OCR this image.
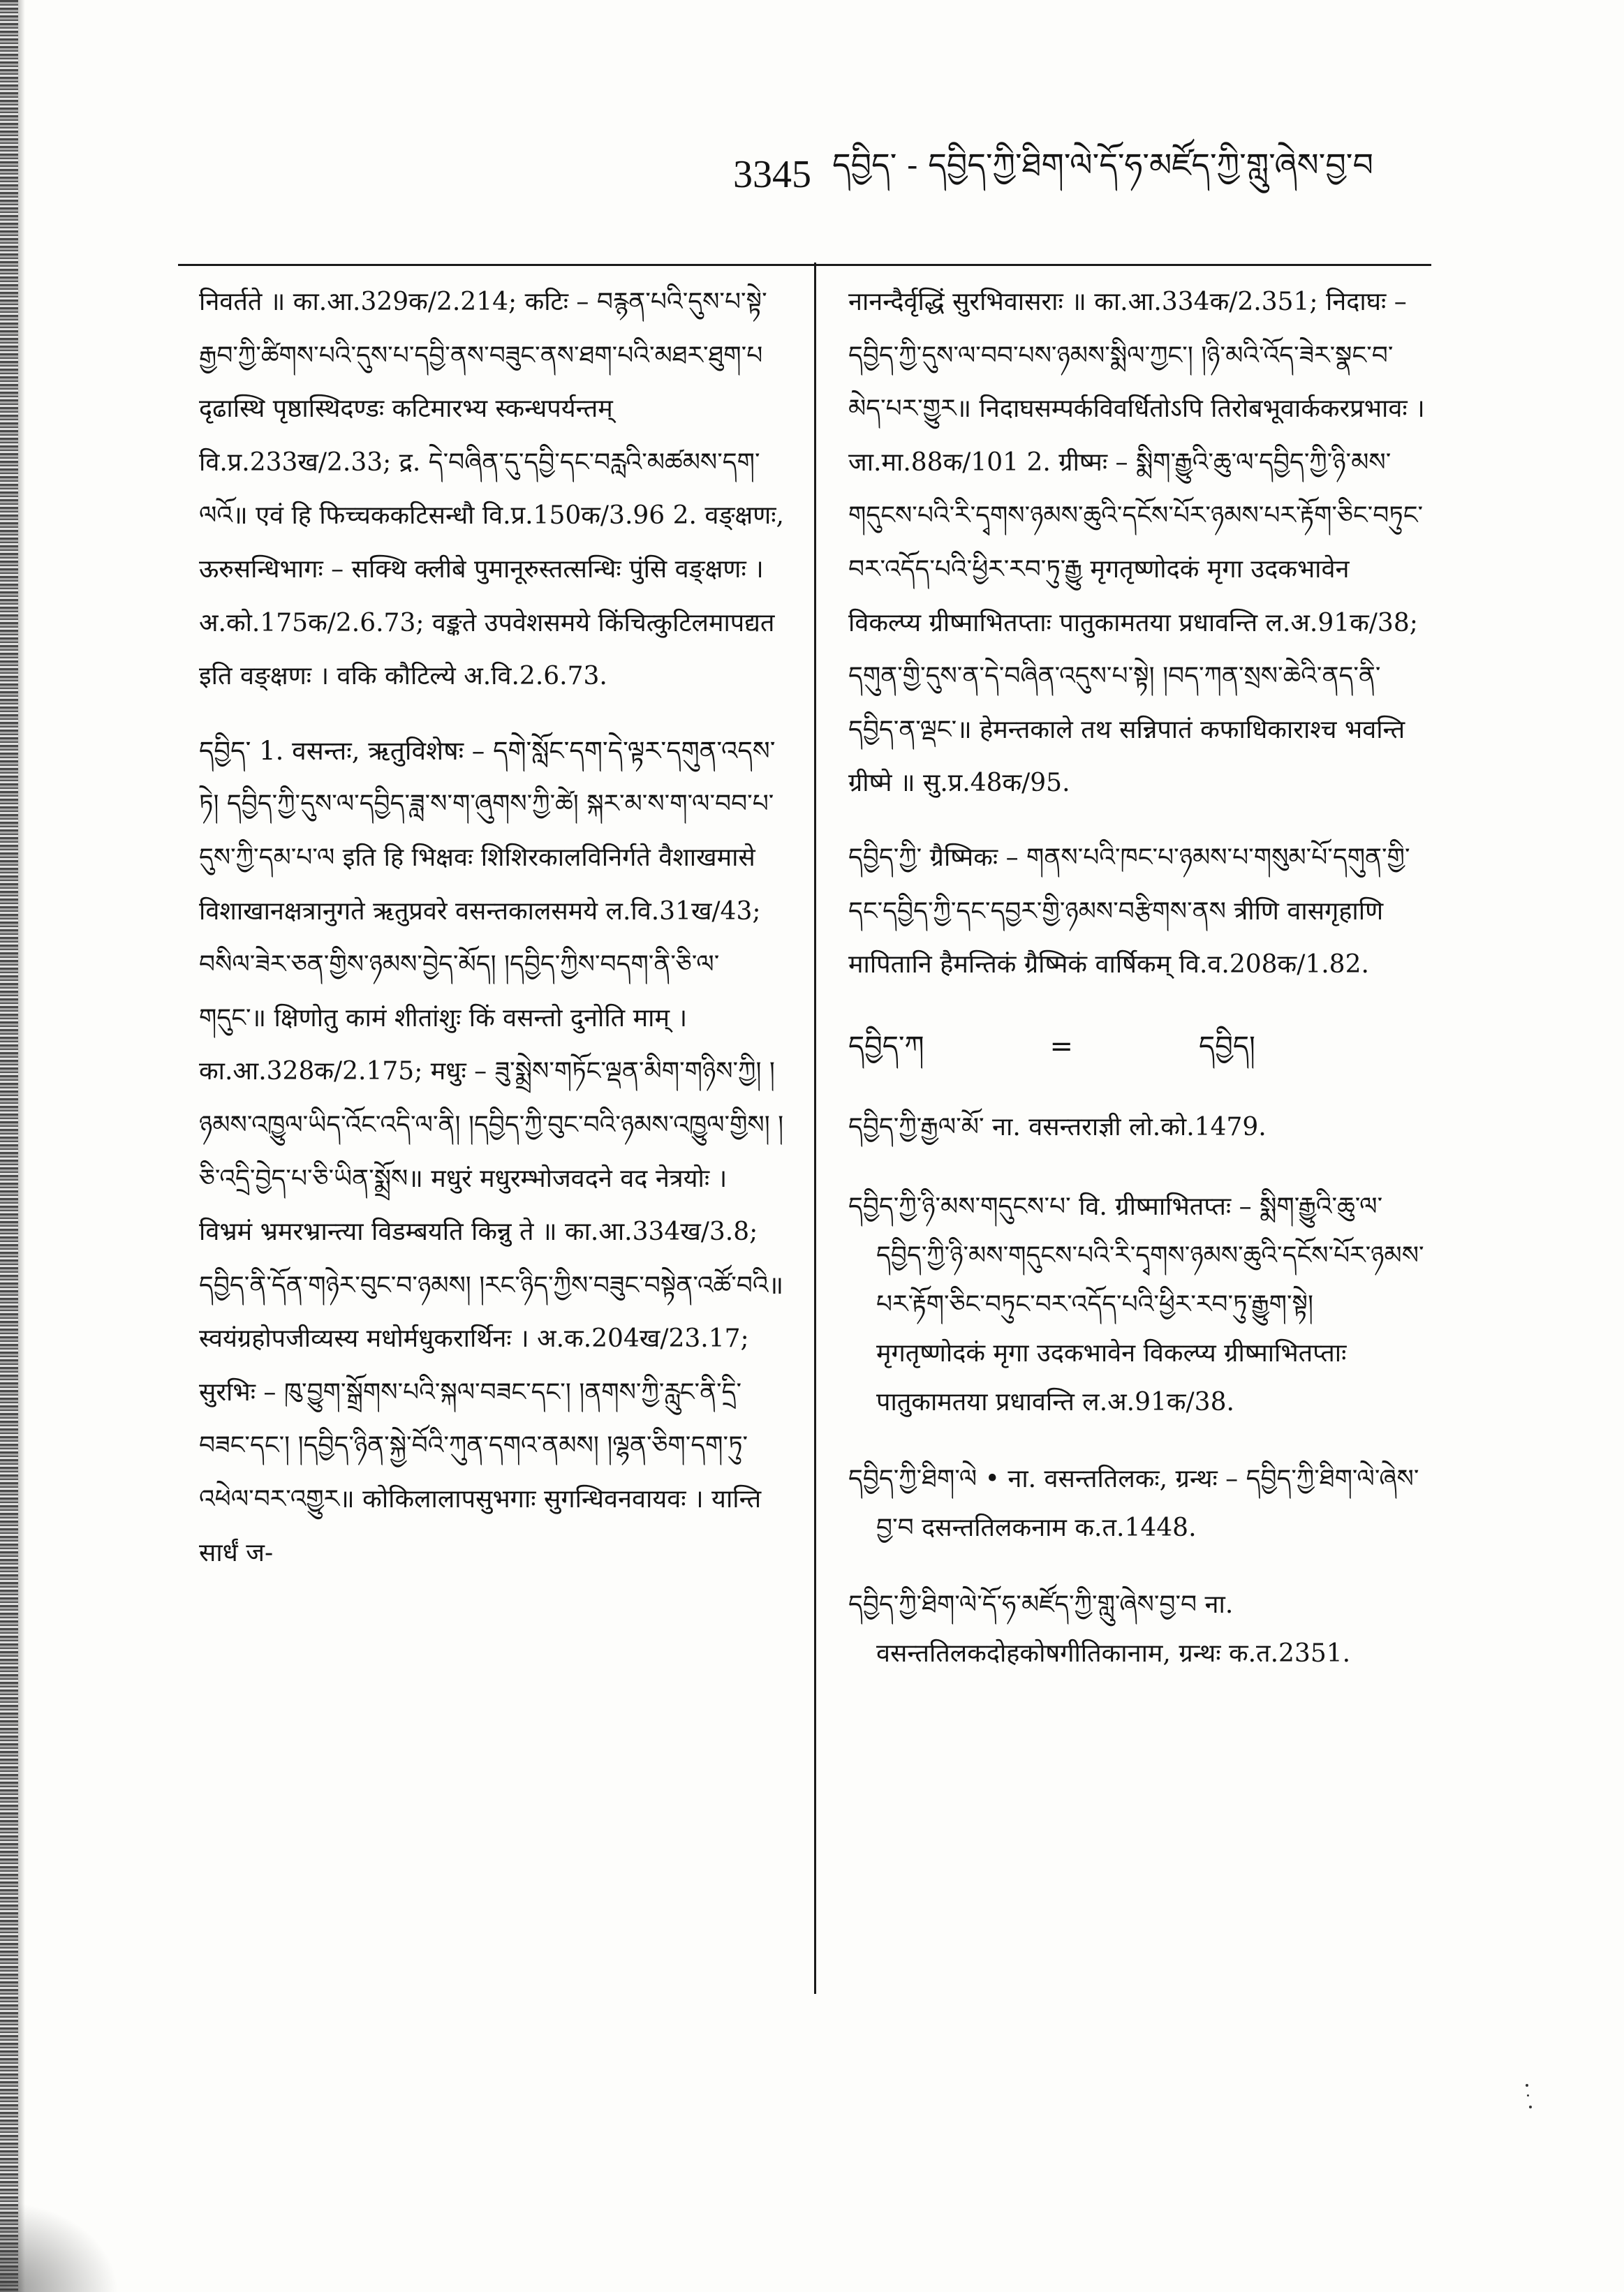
3345 དབྱིད་ - དབྱིད་ཀྱི་ཐིག་ལེ་དོ་ཧ་མཛོད་ཀྱི་གླུ་ཞེས་བྱ་བ

निवर्तते ॥ का.आ.329क/2.214; कटिः – བརྙན་པའི་དུས་པ་སྟེ་རྒྱབ་ཀྱི་ཚིགས་པའི་དུས་པ་དབྱི་ནས་བཟུང་ནས་ཐག་པའི་མཐར་ཐུག་པ दृढास्थि पृष्ठास्थिदण्डः कटिमारभ्य स्कन्धपर्यन्तम् वि.प्र.233ख/2.33; द्र. དེ་བཞིན་དུ་དབྱི་དང་བརླའི་མཚམས་དག་ལའོ॥ एवं हि फिच्चककटिसन्धौ वि.प्र.150क/3.96 2. वङ्क्षणः, ऊरुसन्धिभागः – सक्थि क्लीबे पुमानूरुस्तत्सन्धिः पुंसि वङ्क्षणः । अ.को.175क/2.6.73; वङ्कते उपवेशसमये किंचित्कुटिलमापद्यत इति वङ्क्षणः । वकि कौटिल्ये अ.वि.2.6.73.

དབྱིད་ 1. वसन्तः, ऋतुविशेषः – དགེ་སློང་དག་དེ་ལྟར་དགུན་འདས་ཏེ། དབྱིད་ཀྱི་དུས་ལ་དབྱིད་ཟླ་ས་ག་ཞུགས་ཀྱི་ཚེ། སྐར་མ་ས་ག་ལ་བབ་པ་དུས་ཀྱི་དམ་པ་ལ इति हि भिक्षवः शिशिरकालविनिर्गते वैशाखमासे विशाखानक्षत्रानुगते ऋतुप्रवरे वसन्तकालसमये ल.वि.31ख/43; བསིལ་ཟེར་ཅན་གྱིས་ཉམས་བྱེད་མོད། །དབྱིད་ཀྱིས་བདག་ནི་ཅི་ལ་གདུང་॥ क्षिणोतु कामं शीतांशुः किं वसन्तो दुनोति माम् । का.आ.328क/2.175; मधुः – ཟུ་སྨྲེས་གཏོང་ལྡན་མིག་གཉིས་ཀྱི། །ཉམས་འཁྱུལ་ཡིད་འོང་འདི་ལ་ནི། །དབྱིད་ཀྱི་བུང་བའི་ཉམས་འཁྱུལ་གྱིས། །ཅི་འདྲི་བྱེད་པ་ཅི་ཡིན་སྨྲོས॥ मधुरं मधुरम्भोजवदने वद नेत्रयोः । विभ्रमं भ्रमरभ्रान्त्या विडम्बयति किन्नु ते ॥ का.आ.334ख/3.8; དབྱིད་ནི་དོན་གཉེར་བུང་བ་ཉམས། །རང་ཉིད་ཀྱིས་བཟུང་བསྟེན་འཚོ་བའི॥ स्वयंग्रहोपजीव्यस्य मधोर्मधुकरार्थिनः । अ.क.204ख/23.17; सुरभिः – ཁུ་བྱུག་སྒྲོགས་པའི་སྐལ་བཟང་དང་། །ནགས་ཀྱི་རླུང་ནི་དྲི་བཟང་དང་། །དབྱིད་ཉིན་སྐྱེ་བོའི་ཀུན་དགའ་ནམས། །ལྷན་ཅིག་དག་ཏུ་འཕེལ་བར་འགྱུར॥ कोकिलालापसुभगाः सुगन्धिवनवायवः । यान्ति सार्धं ज-

नानन्दैर्वृद्धिं सुरभिवासराः ॥ का.आ.334क/2.351; निदाघः – དབྱིད་ཀྱི་དུས་ལ་བབ་པས་ཉམས་སྨིལ་ཀྱང་། །ཉི་མའི་འོད་ཟེར་སྣང་བ་མེད་པར་གྱུར॥ निदाघसम्पर्कविवर्धितोऽपि तिरोबभूवार्ककरप्रभावः । जा.मा.88क/101 2. ग्रीष्मः – སྨིག་རྒྱུའི་ཆུ་ལ་དབྱིད་ཀྱི་ཉི་མས་གདུངས་པའི་རི་དྭགས་ཉམས་ཆུའི་དངོས་པོར་ཉམས་པར་རྟོག་ཅིང་བཏུང་བར་འདོད་པའི་ཕྱིར་རབ་ཏུ་རྒྱུ मृगतृष्णोदकं मृगा उदकभावेन विकल्प्य ग्रीष्माभितप्ताः पातुकामतया प्रधावन्ति ल.अ.91क/38; དགུན་གྱི་དུས་ན་དེ་བཞིན་འདུས་པ་སྟེ། །བད་ཀན་སྲས་ཆེའི་ནད་ནི་དབྱིད་ན་ལྡང་॥ हेमन्तकाले तथ सन्निपातं कफाधिकाराश्च भवन्ति ग्रीष्मे ॥ सु.प्र.48क/95.

དབྱིད་ཀྱི་ ग्रैष्मिकः – གནས་པའི་ཁང་པ་ཉམས་པ་གསུམ་པོ་དགུན་གྱི་དང་དབྱིད་ཀྱི་དང་དབྱར་གྱི་ཉམས་བརྩིགས་ནས त्रीणि वासगृहाणि मापितानि हैमन्तिकं ग्रैष्मिकं वार्षिकम् वि.व.208क/1.82.

དབྱིད་ཀ	=	དབྱིད།

དབྱིད་ཀྱི་རྒྱལ་མོ་ ना. वसन्तराज्ञी लो.को.1479.

དབྱིད་ཀྱི་ཉི་མས་གདུངས་པ་ वि. ग्रीष्माभितप्तः – སྨིག་རྒྱུའི་ཆུ་ལ་དབྱིད་ཀྱི་ཉི་མས་གདུངས་པའི་རི་དྭགས་ཉམས་ཆུའི་དངོས་པོར་ཉམས་པར་རྟོག་ཅིང་བཏུང་བར་འདོད་པའི་ཕྱིར་རབ་ཏུ་རྒྱུག་སྟེ། मृगतृष्णोदकं मृगा उदकभावेन विकल्प्य ग्रीष्माभितप्ताः पातुकामतया प्रधावन्ति ल.अ.91क/38.

དབྱིད་ཀྱི་ཐིག་ལེ • ना. वसन्ततिलकः, ग्रन्थः – དབྱིད་ཀྱི་ཐིག་ལེ་ཞེས་བྱ་བ दसन्ततिलकनाम क.त.1448.

དབྱིད་ཀྱི་ཐིག་ལེ་དོ་ཧ་མཛོད་ཀྱི་གླུ་ཞེས་བྱ་བ ना. वसन्ततिलकदोहकोषगीतिकानाम, ग्रन्थः क.त.2351.
